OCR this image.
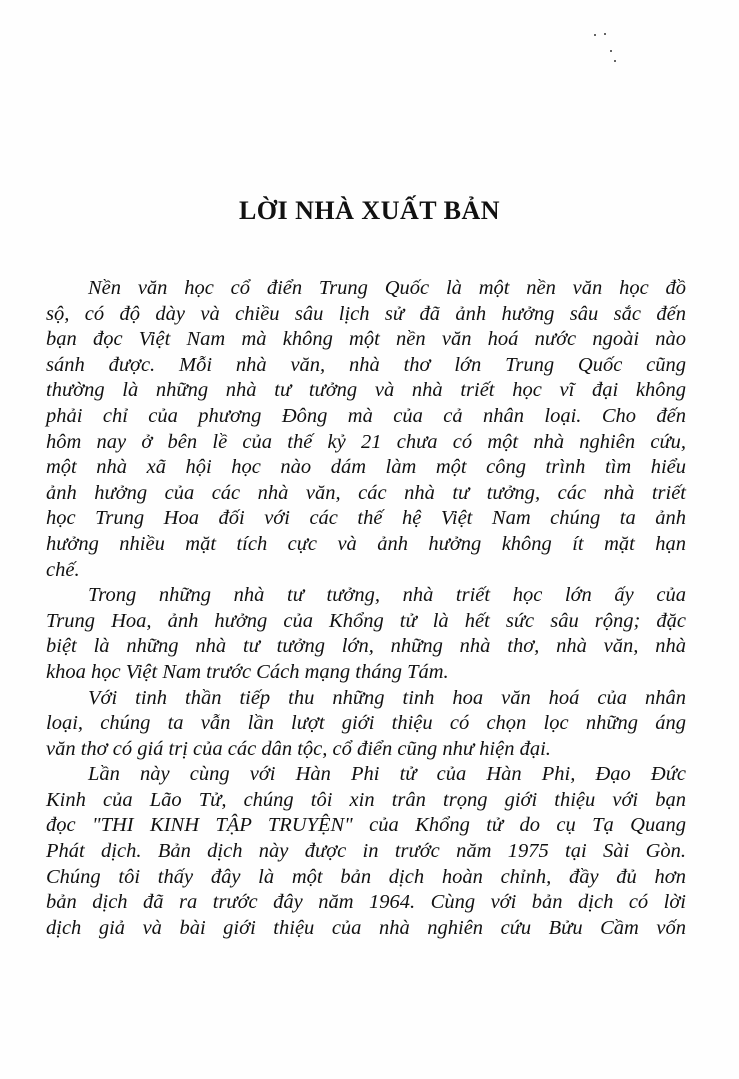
LỜI NHÀ XUẤT BẢN
Nền văn học cổ điển Trung Quốc là một nền văn học đồ
sộ, có độ dày và chiều sâu lịch sử đã ảnh hưởng sâu sắc đến
bạn đọc Việt Nam mà không một nền văn hoá nước ngoài nào
sánh được. Mỗi nhà văn, nhà thơ lớn Trung Quốc cũng
thường là những nhà tư tưởng và nhà triết học vĩ đại không
phải chỉ của phương Đông mà của cả nhân loại. Cho đến
hôm nay ở bên lề của thế kỷ 21 chưa có một nhà nghiên cứu,
một nhà xã hội học nào dám làm một công trình tìm hiểu
ảnh hưởng của các nhà văn, các nhà tư tưởng, các nhà triết
học Trung Hoa đối với các thế hệ Việt Nam chúng ta ảnh
hưởng nhiều mặt tích cực và ảnh hưởng không ít mặt hạn
chế.
Trong những nhà tư tưởng, nhà triết học lớn ấy của
Trung Hoa, ảnh hưởng của Khổng tử là hết sức sâu rộng; đặc
biệt là những nhà tư tưởng lớn, những nhà thơ, nhà văn, nhà
khoa học Việt Nam trước Cách mạng tháng Tám.
Với tinh thần tiếp thu những tinh hoa văn hoá của nhân
loại, chúng ta vẫn lần lượt giới thiệu có chọn lọc những áng
văn thơ có giá trị của các dân tộc, cổ điển cũng như hiện đại.
Lần này cùng với Hàn Phi tử của Hàn Phi, Đạo Đức
Kinh của Lão Tử, chúng tôi xin trân trọng giới thiệu với bạn
đọc "THI KINH TẬP TRUYỆN" của Khổng tử do cụ Tạ Quang
Phát dịch. Bản dịch này được in trước năm 1975 tại Sài Gòn.
Chúng tôi thấy đây là một bản dịch hoàn chỉnh, đầy đủ hơn
bản dịch đã ra trước đây năm 1964. Cùng với bản dịch có lời
dịch giả và bài giới thiệu của nhà nghiên cứu Bửu Cầm vốn
